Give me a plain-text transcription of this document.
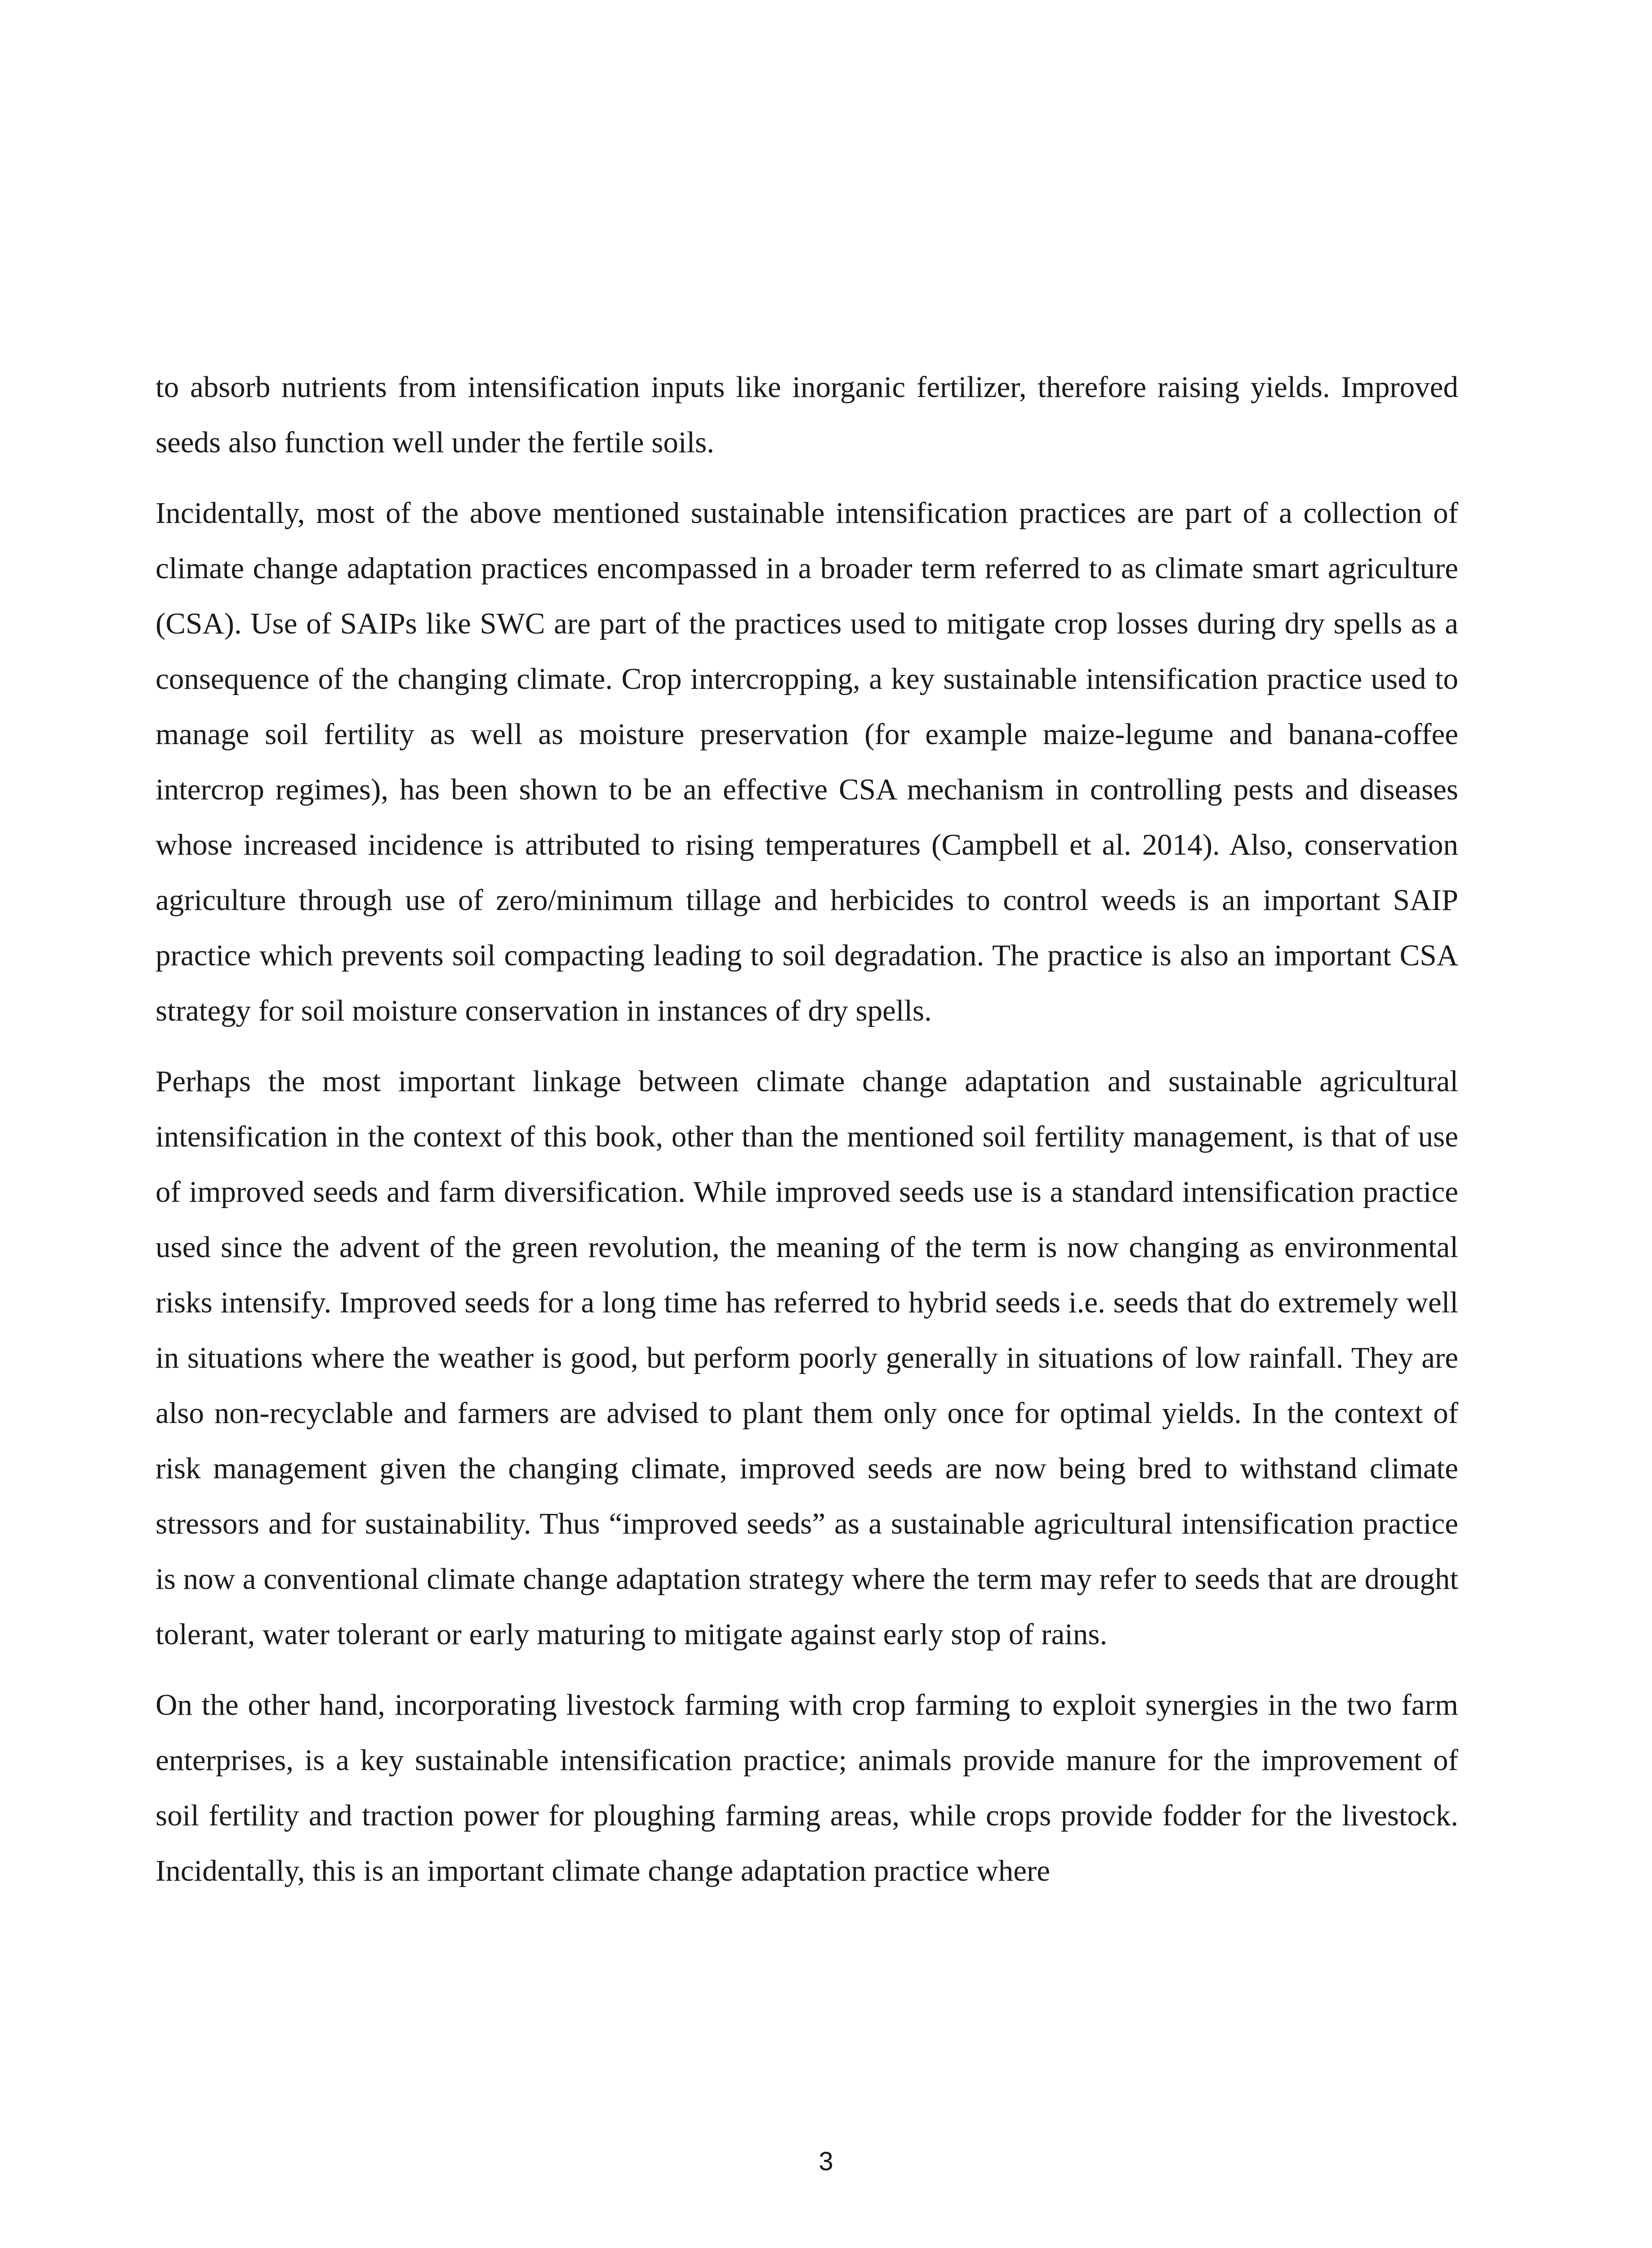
to absorb nutrients from intensification inputs like inorganic fertilizer, therefore raising yields. Improved seeds also function well under the fertile soils.

Incidentally, most of the above mentioned sustainable intensification practices are part of a collection of climate change adaptation practices encompassed in a broader term referred to as climate smart agriculture (CSA). Use of SAIPs like SWC are part of the practices used to mitigate crop losses during dry spells as a consequence of the changing climate. Crop intercropping, a key sustainable intensification practice used to manage soil fertility as well as moisture preservation (for example maize-legume and banana-coffee intercrop regimes), has been shown to be an effective CSA mechanism in controlling pests and diseases whose increased incidence is attributed to rising temperatures (Campbell et al. 2014). Also, conservation agriculture through use of zero/minimum tillage and herbicides to control weeds is an important SAIP practice which prevents soil compacting leading to soil degradation. The practice is also an important CSA strategy for soil moisture conservation in instances of dry spells.

Perhaps the most important linkage between climate change adaptation and sustainable agricultural intensification in the context of this book, other than the mentioned soil fertility management, is that of use of improved seeds and farm diversification. While improved seeds use is a standard intensification practice used since the advent of the green revolution, the meaning of the term is now changing as environmental risks intensify. Improved seeds for a long time has referred to hybrid seeds i.e. seeds that do extremely well in situations where the weather is good, but perform poorly generally in situations of low rainfall. They are also non-recyclable and farmers are advised to plant them only once for optimal yields. In the context of risk management given the changing climate, improved seeds are now being bred to withstand climate stressors and for sustainability. Thus “improved seeds” as a sustainable agricultural intensification practice is now a conventional climate change adaptation strategy where the term may refer to seeds that are drought tolerant, water tolerant or early maturing to mitigate against early stop of rains.

On the other hand, incorporating livestock farming with crop farming to exploit synergies in the two farm enterprises, is a key sustainable intensification practice; animals provide manure for the improvement of soil fertility and traction power for ploughing farming areas, while crops provide fodder for the livestock. Incidentally, this is an important climate change adaptation practice where

3
